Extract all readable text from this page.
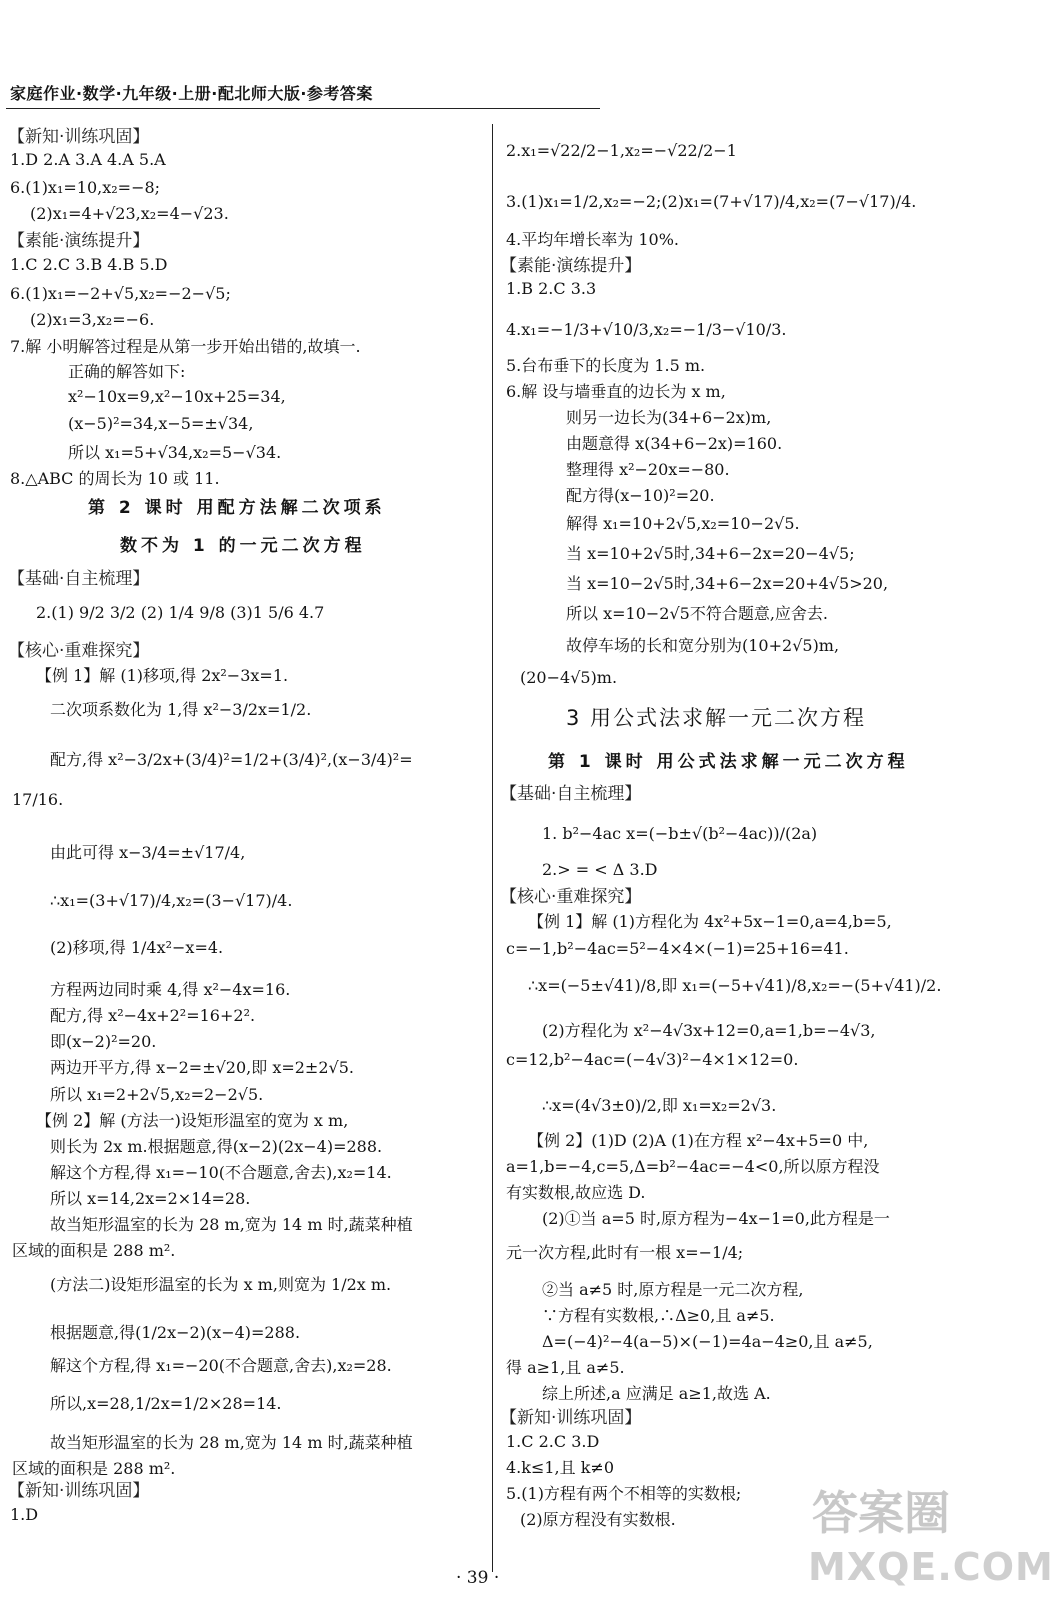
家庭作业·数学·九年级·上册·配北师大版·参考答案
【新知·训练巩固】
1.D 2.A 3.A 4.A 5.A
6.(1)x₁=10,x₂=−8;
(2)x₁=4+√23,x₂=4−√23.
【素能·演练提升】
1.C 2.C 3.B 4.B 5.D
6.(1)x₁=−2+√5,x₂=−2−√5;
(2)x₁=3,x₂=−6.
7.解 小明解答过程是从第一步开始出错的,故填一.
正确的解答如下:
x²−10x=9,x²−10x+25=34,
(x−5)²=34,x−5=±√34,
所以 x₁=5+√34,x₂=5−√34.
8.△ABC 的周长为 10 或 11.
第 2 课时 用配方法解二次项系
数不为 1 的一元二次方程
【基础·自主梳理】
2.(1) 9/2 3/2 (2) 1/4 9/8 (3)1 5/6 4.7
【核心·重难探究】
【例 1】解 (1)移项,得 2x²−3x=1.
二次项系数化为 1,得 x²−3/2x=1/2.
配方,得 x²−3/2x+(3/4)²=1/2+(3/4)²,(x−3/4)²=
17/16.
由此可得 x−3/4=±√17/4,
∴x₁=(3+√17)/4,x₂=(3−√17)/4.
(2)移项,得 1/4x²−x=4.
方程两边同时乘 4,得 x²−4x=16.
配方,得 x²−4x+2²=16+2².
即(x−2)²=20.
两边开平方,得 x−2=±√20,即 x=2±2√5.
所以 x₁=2+2√5,x₂=2−2√5.
【例 2】解 (方法一)设矩形温室的宽为 x m,
则长为 2x m.根据题意,得(x−2)(2x−4)=288.
解这个方程,得 x₁=−10(不合题意,舍去),x₂=14.
所以 x=14,2x=2×14=28.
故当矩形温室的长为 28 m,宽为 14 m 时,蔬菜种植
区域的面积是 288 m².
(方法二)设矩形温室的长为 x m,则宽为 1/2x m.
根据题意,得(1/2x−2)(x−4)=288.
解这个方程,得 x₁=−20(不合题意,舍去),x₂=28.
所以,x=28,1/2x=1/2×28=14.
故当矩形温室的长为 28 m,宽为 14 m 时,蔬菜种植
区域的面积是 288 m².
【新知·训练巩固】
1.D
2.x₁=√22/2−1,x₂=−√22/2−1
3.(1)x₁=1/2,x₂=−2;(2)x₁=(7+√17)/4,x₂=(7−√17)/4.
4.平均年增长率为 10%.
【素能·演练提升】
1.B 2.C 3.3
4.x₁=−1/3+√10/3,x₂=−1/3−√10/3.
5.台布垂下的长度为 1.5 m.
6.解 设与墙垂直的边长为 x m,
则另一边长为(34+6−2x)m,
由题意得 x(34+6−2x)=160.
整理得 x²−20x=−80.
配方得(x−10)²=20.
解得 x₁=10+2√5,x₂=10−2√5.
当 x=10+2√5时,34+6−2x=20−4√5;
当 x=10−2√5时,34+6−2x=20+4√5>20,
所以 x=10−2√5不符合题意,应舍去.
故停车场的长和宽分别为(10+2√5)m,
(20−4√5)m.
3 用公式法求解一元二次方程
第 1 课时 用公式法求解一元二次方程
【基础·自主梳理】
1. b²−4ac x=(−b±√(b²−4ac))/(2a)
2.> = < Δ 3.D
【核心·重难探究】
【例 1】解 (1)方程化为 4x²+5x−1=0,a=4,b=5,
c=−1,b²−4ac=5²−4×4×(−1)=25+16=41.
∴x=(−5±√41)/8,即 x₁=(−5+√41)/8,x₂=−(5+√41)/2.
(2)方程化为 x²−4√3x+12=0,a=1,b=−4√3,
c=12,b²−4ac=(−4√3)²−4×1×12=0.
∴x=(4√3±0)/2,即 x₁=x₂=2√3.
【例 2】(1)D (2)A (1)在方程 x²−4x+5=0 中,
a=1,b=−4,c=5,Δ=b²−4ac=−4<0,所以原方程没
有实数根,故应选 D.
(2)①当 a=5 时,原方程为−4x−1=0,此方程是一
元一次方程,此时有一根 x=−1/4;
②当 a≠5 时,原方程是一元二次方程,
∵方程有实数根,∴Δ≥0,且 a≠5.
Δ=(−4)²−4(a−5)×(−1)=4a−4≥0,且 a≠5,
得 a≥1,且 a≠5.
综上所述,a 应满足 a≥1,故选 A.
【新知·训练巩固】
1.C 2.C 3.D
4.k≤1,且 k≠0
5.(1)方程有两个不相等的实数根;
(2)原方程没有实数根.
· 39 ·
答案圈
MXQE.COM
